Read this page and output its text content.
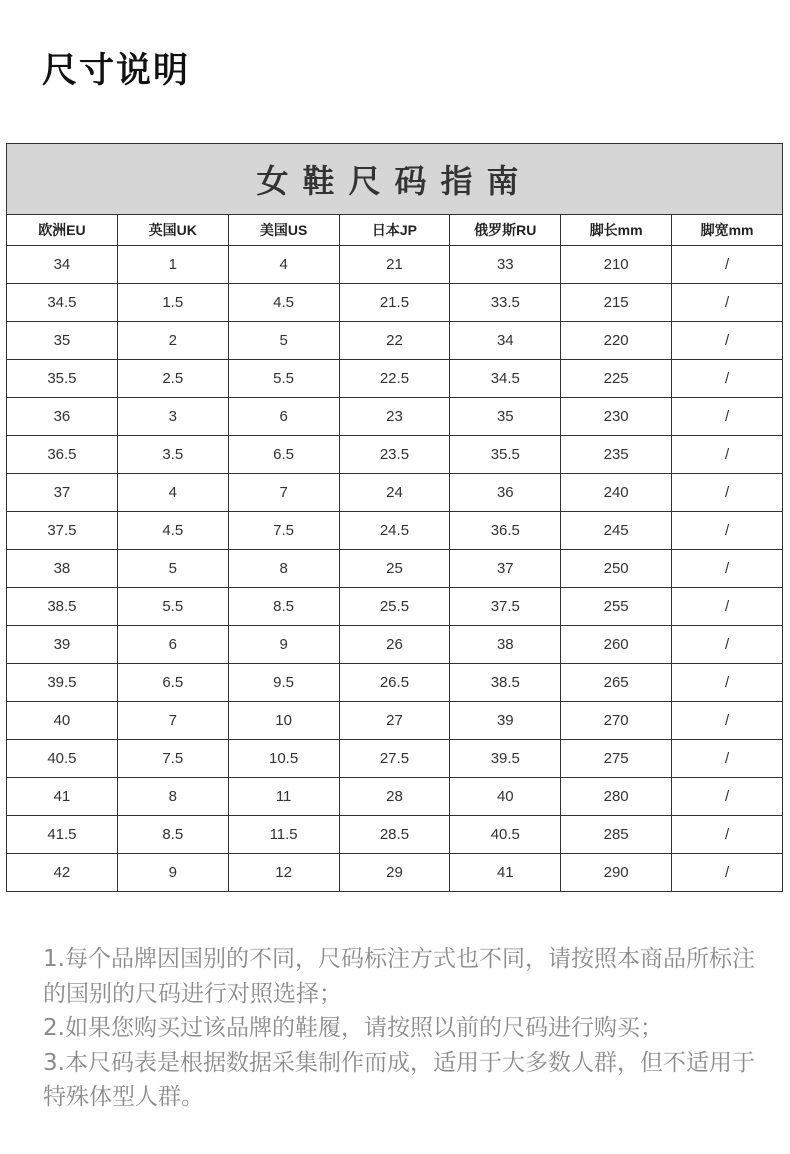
尺寸说明
女鞋尺码指南						
欧洲EU	英国UK	美国US	日本JP	俄罗斯RU	脚长mm	脚宽mm
34	1	4	21	33	210	/
34.5	1.5	4.5	21.5	33.5	215	/
35	2	5	22	34	220	/
35.5	2.5	5.5	22.5	34.5	225	/
36	3	6	23	35	230	/
36.5	3.5	6.5	23.5	35.5	235	/
37	4	7	24	36	240	/
37.5	4.5	7.5	24.5	36.5	245	/
38	5	8	25	37	250	/
38.5	5.5	8.5	25.5	37.5	255	/
39	6	9	26	38	260	/
39.5	6.5	9.5	26.5	38.5	265	/
40	7	10	27	39	270	/
40.5	7.5	10.5	27.5	39.5	275	/
41	8	11	28	40	280	/
41.5	8.5	11.5	28.5	40.5	285	/
42	9	12	29	41	290	/

1.每个品牌因国别的不同，尺码标注方式也不同，请按照本商品所标注的国别的尺码进行对照选择；

2.如果您购买过该品牌的鞋履，请按照以前的尺码进行购买；

3.本尺码表是根据数据采集制作而成，适用于大多数人群，但不适用于特殊体型人群。
